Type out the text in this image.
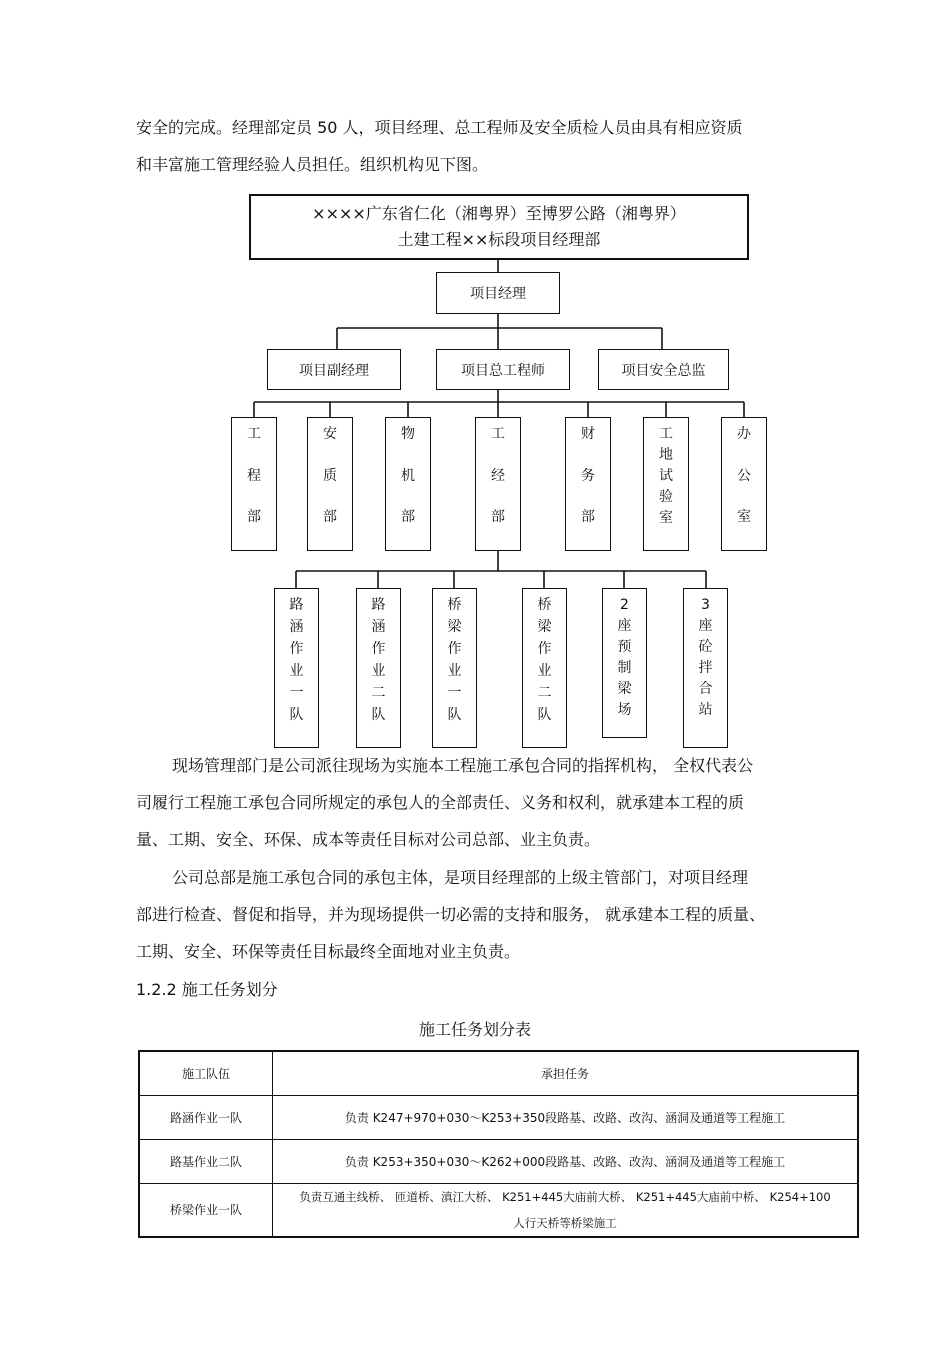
安全的完成。经理部定员 50 人，项目经理、总工程师及安全质检人员由具有相应资质

和丰富施工管理经验人员担任。组织机构见下图。

××××广东省仁化（湘粤界）至博罗公路（湘粤界）
土建工程××标段项目经理部
项目经理
项目副经理	项目总工程师	项目安全总监
工
程
部
安
质
部
物
机
部
工
经
部
财
务
部
工
地
试
验
室
办
公
室
路
涵
作
业
一
队
路
涵
作
业
二
队
桥
梁
作
业
一
队
桥
梁
作
业
二
队
2
座
预
制
梁
场
3
座
砼
拌
合
站

现场管理部门是公司派往现场为实施本工程施工承包合同的指挥机构， 全权代表公

司履行工程施工承包合同所规定的承包人的全部责任、义务和权利，就承建本工程的质

量、工期、安全、环保、成本等责任目标对公司总部、业主负责。

公司总部是施工承包合同的承包主体，是项目经理部的上级主管部门，对项目经理

部进行检查、督促和指导，并为现场提供一切必需的支持和服务， 就承建本工程的质量、

工期、安全、环保等责任目标最终全面地对业主负责。

1.2.2 施工任务划分

施工任务划分表
施工队伍	承担任务
路涵作业一队	负责 K247+970+030～K253+350段路基、改路、改沟、涵洞及通道等工程施工
路基作业二队	负责 K253+350+030～K262+000段路基、改路、改沟、涵洞及通道等工程施工
桥梁作业一队	负责互通主线桥、 匝道桥、滇江大桥、 K251+445大庙前大桥、 K251+445大庙前中桥、 K254+100
人行天桥等桥梁施工
